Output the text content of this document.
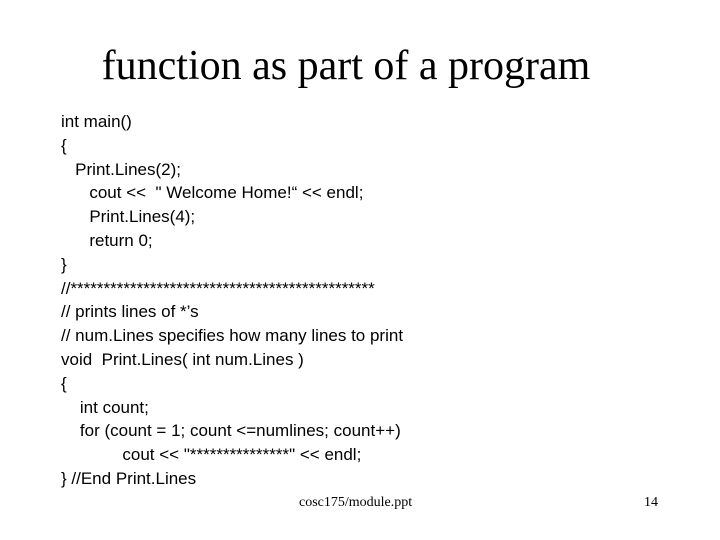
function as part of a program
int main()
{
Print.Lines(2);
cout <<  " Welcome Home!“ << endl;
Print.Lines(4);
return 0;
}
//**********************************************
// prints lines of *’s
// num.Lines specifies how many lines to print
void  Print.Lines( int num.Lines )
{
int count;
for (count = 1; count <=numlines; count++)
cout << "***************" << endl;
} //End Print.Lines
cosc175/module.ppt	14
